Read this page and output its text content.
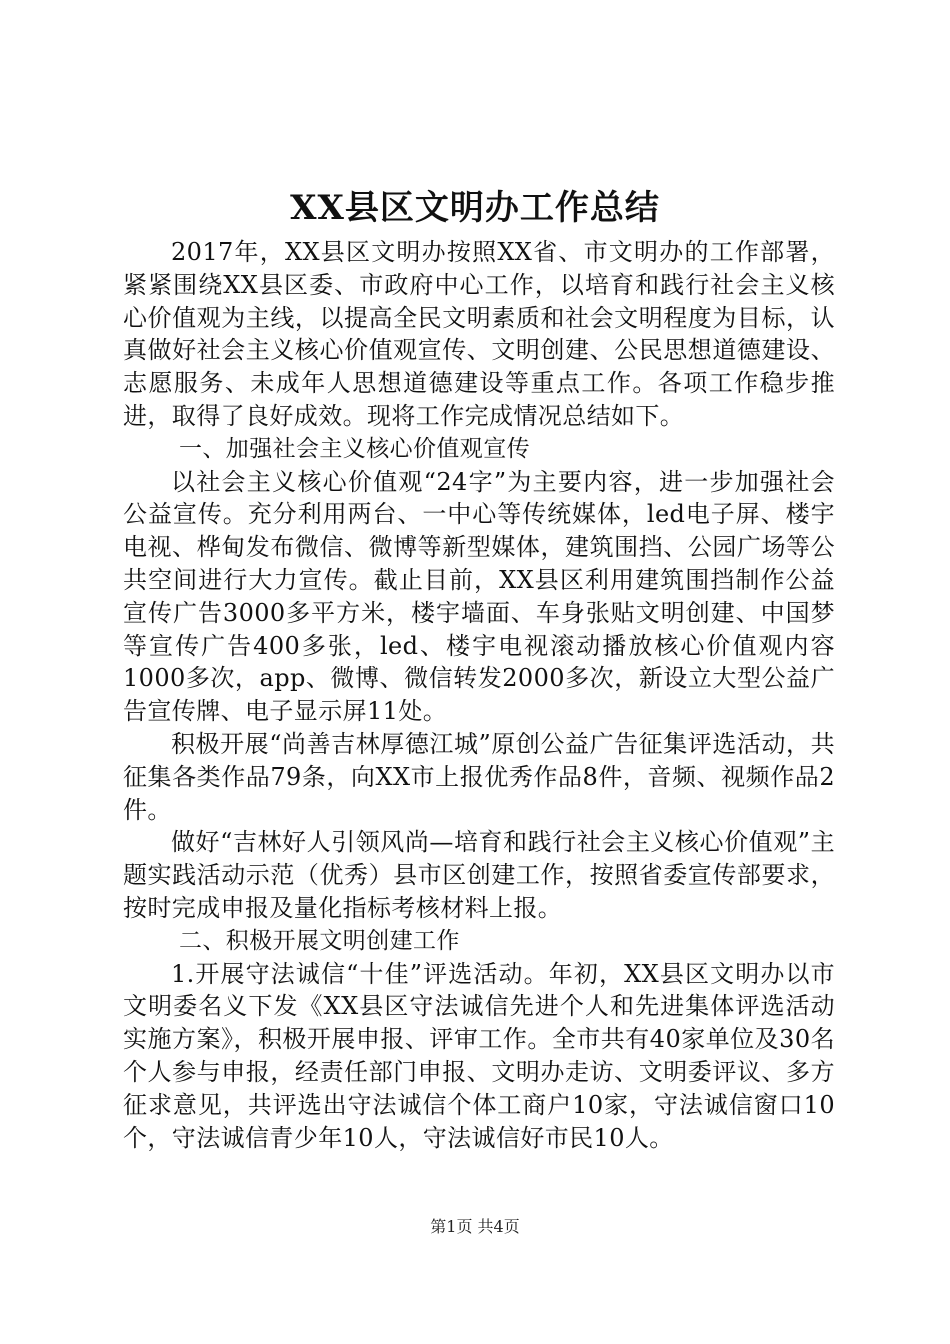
XX县区文明办工作总结

2017年，XX县区文明办按照XX省、市文明办的工作部署，紧紧围绕XX县区委、市政府中心工作，以培育和践行社会主义核心价值观为主线，以提高全民文明素质和社会文明程度为目标，认真做好社会主义核心价值观宣传、文明创建、公民思想道德建设、志愿服务、未成年人思想道德建设等重点工作。各项工作稳步推进，取得了良好成效。现将工作完成情况总结如下。

一、加强社会主义核心价值观宣传

以社会主义核心价值观“24字”为主要内容，进一步加强社会公益宣传。充分利用两台、一中心等传统媒体，led电子屏、楼宇电视、桦甸发布微信、微博等新型媒体，建筑围挡、公园广场等公共空间进行大力宣传。截止目前，XX县区利用建筑围挡制作公益宣传广告3000多平方米，楼宇墙面、车身张贴文明创建、中国梦等宣传广告400多张，led、楼宇电视滚动播放核心价值观内容1000多次，app、微博、微信转发2000多次，新设立大型公益广告宣传牌、电子显示屏11处。

积极开展“尚善吉林厚德江城”原创公益广告征集评选活动，共征集各类作品79条，向XX市上报优秀作品8件，音频、视频作品2件。

做好“吉林好人引领风尚—培育和践行社会主义核心价值观”主题实践活动示范（优秀）县市区创建工作，按照省委宣传部要求，按时完成申报及量化指标考核材料上报。

二、积极开展文明创建工作

1.开展守法诚信“十佳”评选活动。年初，XX县区文明办以市文明委名义下发《XX县区守法诚信先进个人和先进集体评选活动实施方案》，积极开展申报、评审工作。全市共有40家单位及30名个人参与申报，经责任部门申报、文明办走访、文明委评议、多方征求意见，共评选出守法诚信个体工商户10家，守法诚信窗口10个，守法诚信青少年10人，守法诚信好市民10人。

第1页 共4页
